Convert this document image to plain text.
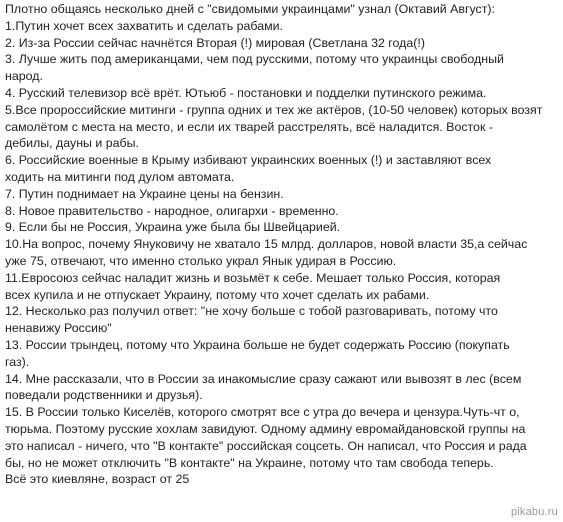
Плотно общаясь несколько дней с "свидомыми украинцами" узнал (Октавий Август):
1.Путин хочет всех захватить и сделать рабами.
2. Из-за России сейчас начнётся Вторая (!) мировая (Светлана 32 года(!)
3. Лучше жить под американцами, чем под русскими, потому что украинцы свободный
народ.
4. Русский телевизор всё врёт. Ютьюб - постановки и подделки путинского режима.
5.Все пророссийские митинги - группа одних и тех же актёров, (10-50 человек) которых возят
самолётом с места на место, и если их тварей расстрелять, всё наладится. Восток -
дебилы, дауны и рабы.
6. Российские военные в Крыму избивают украинских военных (!) и заставляют всех
ходить на митинги под дулом автомата.
7. Путин поднимает на Украине цены на бензин.
8. Новое правительство - народное, олигархи - временно.
9. Если бы не Россия, Украина уже была бы Швейцарией.
10.На вопрос, почему Януковичу не хватало 15 млрд. долларов, новой власти 35,а сейчас
уже 75, отвечают, что именно столько украл Янык удирая в Россию.
11.Евросоюз сейчас наладит жизнь и возьмёт к себе. Мешает только Россия, которая
всех купила и не отпускает Украину, потому что хочет сделать их рабами.
12. Несколько раз получил ответ: "не хочу больше с тобой разговаривать, потому что
ненавижу Россию"
13. России трындец, потому что Украина больше не будет содержать Россию (покупать
газ).
14. Мне рассказали, что в России за инакомыслие сразу сажают или вывозят в лес (всем
поведали родственники и друзья).
15. В России только Киселёв, которого смотрят все с утра до вечера и цензура.Чуть-чт о,
тюрьма. Поэтому русские хохлам завидуют. Одному админу евромайдановской группы на
это написал - ничего, что "В контакте" российская соцсеть. Он написал, что Россия и рада
бы, но не может отключить "В контакте" на Украине, потому что там свобода теперь.
Всё это киевляне, возраст от 25
pikabu.ru
